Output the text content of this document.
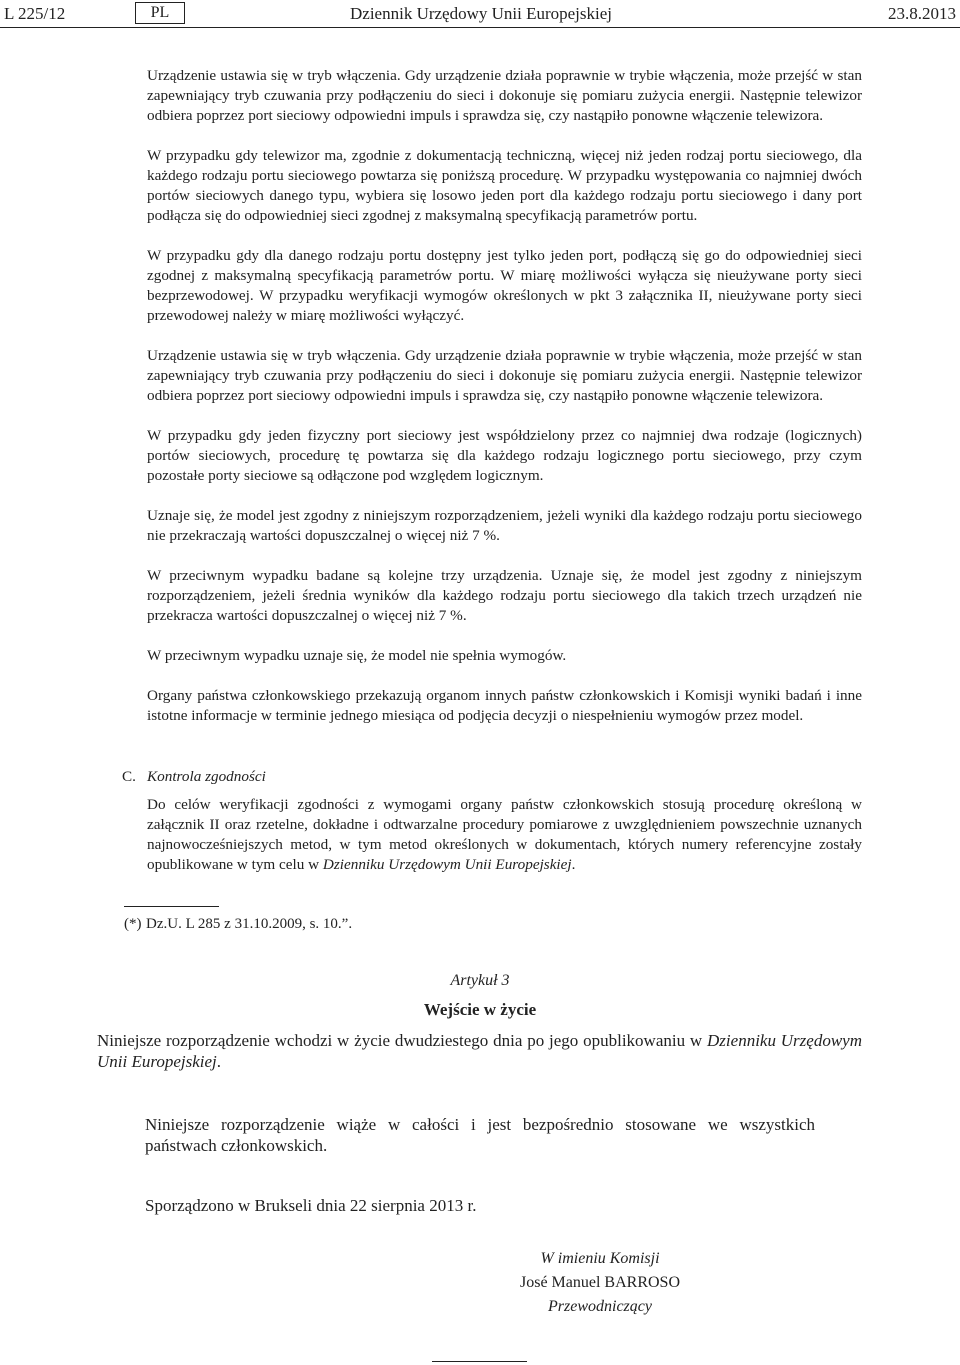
L 225/12	PL	Dziennik Urzędowy Unii Europejskiej	23.8.2013

Urządzenie ustawia się w tryb włączenia. Gdy urządzenie działa poprawnie w trybie włączenia, może przejść w stan zapewniający tryb czuwania przy podłączeniu do sieci i dokonuje się pomiaru zużycia energii. Następnie telewizor odbiera poprzez port sieciowy odpowiedni impuls i sprawdza się, czy nastąpiło ponowne włączenie telewizora.

W przypadku gdy telewizor ma, zgodnie z dokumentacją techniczną, więcej niż jeden rodzaj portu sieciowego, dla każdego rodzaju portu sieciowego powtarza się poniższą procedurę. W przypadku występowania co najmniej dwóch portów sieciowych danego typu, wybiera się losowo jeden port dla każdego rodzaju portu sieciowego i dany port podłącza się do odpowiedniej sieci zgodnej z maksymalną specyfikacją parametrów portu.

W przypadku gdy dla danego rodzaju portu dostępny jest tylko jeden port, podłączą się go do odpowiedniej sieci zgodnej z maksymalną specyfikacją parametrów portu. W miarę możliwości wyłącza się nieużywane porty sieci bezprzewodowej. W przypadku weryfikacji wymogów określonych w pkt 3 załącznika II, nieużywane porty sieci przewodowej należy w miarę możliwości wyłączyć.

Urządzenie ustawia się w tryb włączenia. Gdy urządzenie działa poprawnie w trybie włączenia, może przejść w stan zapewniający tryb czuwania przy podłączeniu do sieci i dokonuje się pomiaru zużycia energii. Następnie telewizor odbiera poprzez port sieciowy odpowiedni impuls i sprawdza się, czy nastąpiło ponowne włączenie telewizora.

W przypadku gdy jeden fizyczny port sieciowy jest współdzielony przez co najmniej dwa rodzaje (logicznych) portów sieciowych, procedurę tę powtarza się dla każdego rodzaju logicznego portu sieciowego, przy czym pozostałe porty sieciowe są odłączone pod względem logicznym.

Uznaje się, że model jest zgodny z niniejszym rozporządzeniem, jeżeli wyniki dla każdego rodzaju portu sieciowego nie przekraczają wartości dopuszczalnej o więcej niż 7 %.

W przeciwnym wypadku badane są kolejne trzy urządzenia. Uznaje się, że model jest zgodny z niniejszym rozporządzeniem, jeżeli średnia wyników dla każdego rodzaju portu sieciowego dla takich trzech urządzeń nie przekracza wartości dopuszczalnej o więcej niż 7 %.

W przeciwnym wypadku uznaje się, że model nie spełnia wymogów.

Organy państwa członkowskiego przekazują organom innych państw członkowskich i Komisji wyniki badań i inne istotne informacje w terminie jednego miesiąca od podjęcia decyzji o niespełnieniu wymogów przez model.

C. Kontrola zgodności
Do celów weryfikacji zgodności z wymogami organy państw członkowskich stosują procedurę określoną w załącznik II oraz rzetelne, dokładne i odtwarzalne procedury pomiarowe z uwzględnieniem powszechnie uznanych najnowocześniejszych metod, w tym metod określonych w dokumentach, których numery referencyjne zostały opublikowane w tym celu w Dzienniku Urzędowym Unii Europejskiej.
(*) Dz.U. L 285 z 31.10.2009, s. 10.”.
Artykuł 3
Wejście w życie
Niniejsze rozporządzenie wchodzi w życie dwudziestego dnia po jego opublikowaniu w Dzienniku Urzędowym Unii Europejskiej.
Niniejsze rozporządzenie wiąże w całości i jest bezpośrednio stosowane we wszystkich państwach członkowskich.
Sporządzono w Brukseli dnia 22 sierpnia 2013 r.
W imieniu Komisji
José Manuel BARROSO
Przewodniczący
